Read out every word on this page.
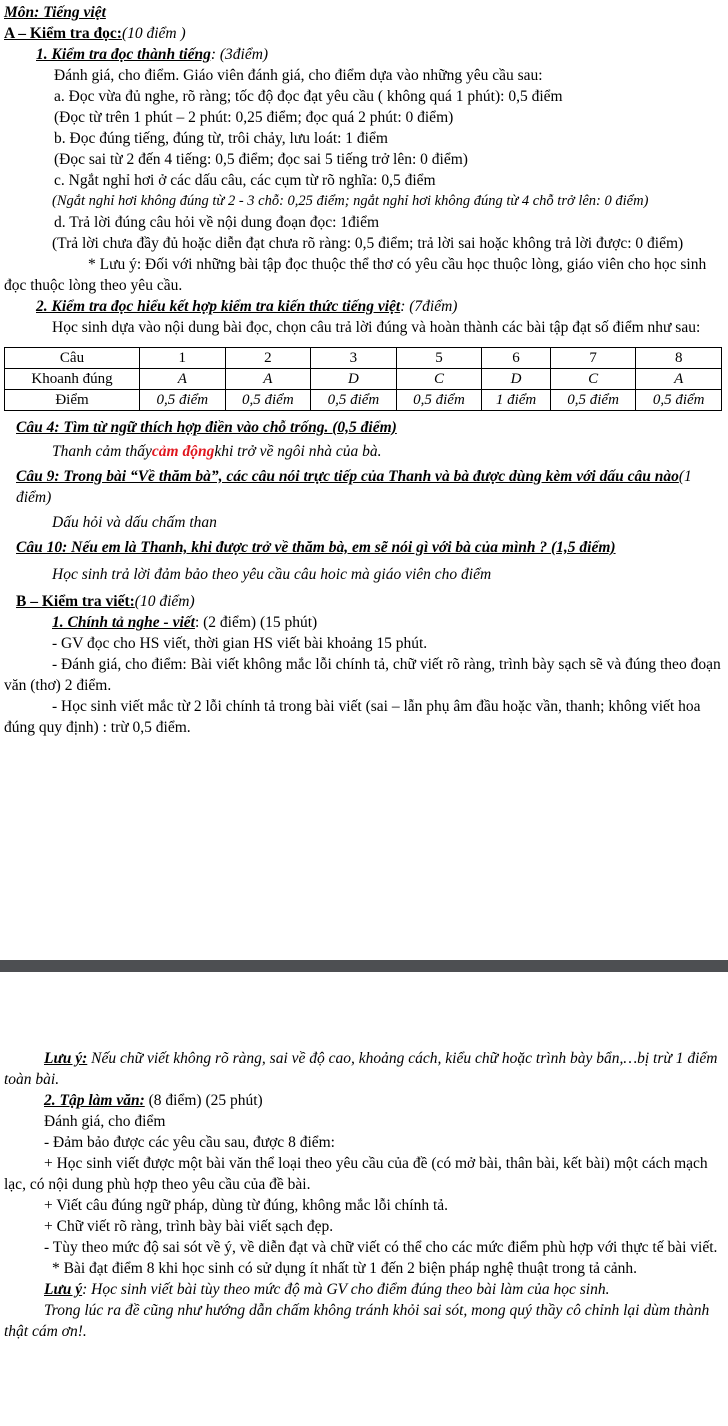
Môn: Tiếng việt

A – Kiểm tra đọc:(10 điểm )

1. Kiểm tra đọc thành tiếng: (3điểm)

Đánh giá, cho điểm. Giáo viên đánh giá, cho điểm dựa vào những yêu cầu sau:

a. Đọc vừa đủ nghe, rõ ràng; tốc độ đọc đạt yêu cầu ( không quá 1 phút): 0,5 điểm

(Đọc từ trên 1 phút – 2 phút: 0,25 điểm; đọc quá 2 phút: 0 điểm)

b. Đọc đúng tiếng, đúng từ, trôi chảy, lưu loát: 1 điểm

(Đọc sai từ 2 đến 4 tiếng: 0,5 điểm; đọc sai 5 tiếng trở lên: 0 điểm)

c. Ngắt nghỉ hơi ở các dấu câu, các cụm từ rõ nghĩa: 0,5 điểm

(Ngắt nghỉ hơi không đúng từ 2 - 3 chỗ: 0,25 điểm; ngắt nghỉ hơi không đúng từ 4 chỗ trở lên: 0 điểm)

d. Trả lời đúng câu hỏi về nội dung đoạn đọc: 1điểm

(Trả lời chưa đầy đủ hoặc diễn đạt chưa rõ ràng: 0,5 điểm; trả lời sai hoặc không trả lời được: 0 điểm)

* Lưu ý: Đối với những bài tập đọc thuộc thể thơ có yêu cầu học thuộc lòng, giáo viên cho học sinh đọc thuộc lòng theo yêu cầu.

2. Kiểm tra đọc hiểu kết hợp kiểm tra kiến thức tiếng việt: (7điểm)

Học sinh dựa vào nội dung bài đọc, chọn câu trả lời đúng và hoàn thành các bài tập đạt số điểm như sau:

Câu	1	2	3	5	6	7	8
Khoanh đúng	A	A	D	C	D	C	A
Điểm	0,5 điểm	0,5 điểm	0,5 điểm	0,5 điểm	1 điểm	0,5 điểm	0,5 điểm

Câu 4: Tìm từ ngữ thích hợp điền vào chỗ trống. (0,5 điểm)

Thanh cảm thấycảm độngkhi trở về ngôi nhà của bà.

Câu 9: Trong bài “Về thăm bà”, các câu nói trực tiếp của Thanh và bà được dùng kèm với dấu câu nào(1 điểm)

Dấu hỏi và dấu chấm than

Câu 10: Nếu em là Thanh, khi được trở về thăm bà, em sẽ nói gì với bà của mình ? (1,5 điểm)

Học sinh trả lời đảm bảo theo yêu cầu câu hoic mà giáo viên cho điểm

B – Kiểm tra viết:(10 điểm)

1. Chính tả nghe - viết: (2 điểm) (15 phút)

- GV đọc cho HS viết, thời gian HS viết bài khoảng 15 phút.

- Đánh giá, cho điểm: Bài viết không mắc lỗi chính tả, chữ viết rõ ràng, trình bày sạch sẽ và đúng theo đoạn văn (thơ) 2 điểm.

- Học sinh viết mắc từ 2 lỗi chính tả trong bài viết (sai – lẫn phụ âm đầu hoặc vần, thanh; không viết hoa đúng quy định) : trừ 0,5 điểm.

Lưu ý: Nếu chữ viết không rõ ràng, sai về độ cao, khoảng cách, kiểu chữ hoặc trình bày bẩn,…bị trừ 1 điểm toàn bài.

2. Tập làm văn: (8 điểm) (25 phút)

Đánh giá, cho điểm

- Đảm bảo được các yêu cầu sau, được 8 điểm:

+ Học sinh viết được một bài văn thể loại theo yêu cầu của đề (có mở bài, thân bài, kết bài) một cách mạch lạc, có nội dung phù hợp theo yêu cầu của đề bài.

+ Viết câu đúng ngữ pháp, dùng từ đúng, không mắc lỗi chính tả.

+ Chữ viết rõ ràng, trình bày bài viết sạch đẹp.

- Tùy theo mức độ sai sót về ý, về diễn đạt và chữ viết có thể cho các mức điểm phù hợp với thực tế bài viết.

* Bài đạt điểm 8 khi học sinh có sử dụng ít nhất từ 1 đến 2 biện pháp nghệ thuật trong tả cảnh.

Lưu ý: Học sinh viết bài tùy theo mức độ mà GV cho điểm đúng theo bài làm của học sinh.

Trong lúc ra đề cũng như hướng dẫn chấm không tránh khỏi sai sót, mong quý thầy cô chỉnh lại dùm thành thật cám ơn!.
